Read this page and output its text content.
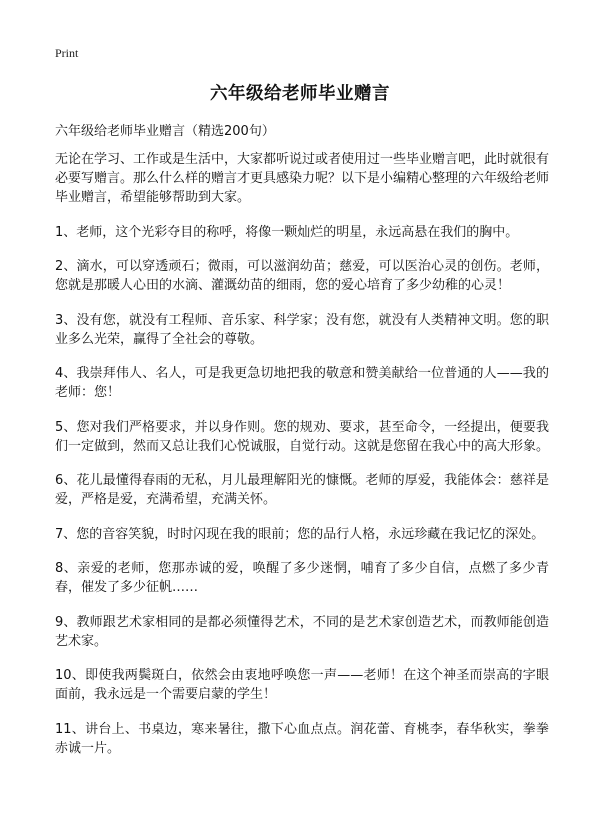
Print
六年级给老师毕业赠言

六年级给老师毕业赠言（精选200句）

无论在学习、工作或是生活中，大家都听说过或者使用过一些毕业赠言吧，此时就很有必要写赠言。那么什么样的赠言才更具感染力呢？以下是小编精心整理的六年级给老师毕业赠言，希望能够帮助到大家。

1、老师，这个光彩夺目的称呼，将像一颗灿烂的明星，永远高悬在我们的胸中。

2、滴水，可以穿透顽石；微雨，可以滋润幼苗；慈爱，可以医治心灵的创伤。老师，您就是那暖人心田的水滴、灌溉幼苗的细雨，您的爱心培育了多少幼稚的心灵！

3、没有您，就没有工程师、音乐家、科学家；没有您，就没有人类精神文明。您的职业多么光荣，赢得了全社会的尊敬。

4、我崇拜伟人、名人，可是我更急切地把我的敬意和赞美献给一位普通的人——我的老师：您！

5、您对我们严格要求，并以身作则。您的规劝、要求，甚至命令，一经提出，便要我们一定做到，然而又总让我们心悦诚服，自觉行动。这就是您留在我心中的高大形象。

6、花儿最懂得春雨的无私，月儿最理解阳光的慷慨。老师的厚爱，我能体会：慈祥是爱，严格是爱，充满希望，充满关怀。

7、您的音容笑貌，时时闪现在我的眼前；您的品行人格，永远珍藏在我记忆的深处。

8、亲爱的老师，您那赤诚的爱，唤醒了多少迷惘，哺育了多少自信，点燃了多少青春，催发了多少征帆……

9、教师跟艺术家相同的是都必须懂得艺术，不同的是艺术家创造艺术，而教师能创造艺术家。

10、即使我两鬓斑白，依然会由衷地呼唤您一声——老师！在这个神圣而崇高的字眼面前，我永远是一个需要启蒙的学生！

11、讲台上、书桌边，寒来暑往，撒下心血点点。润花蕾、育桃李，春华秋实，拳拳赤诚一片。
